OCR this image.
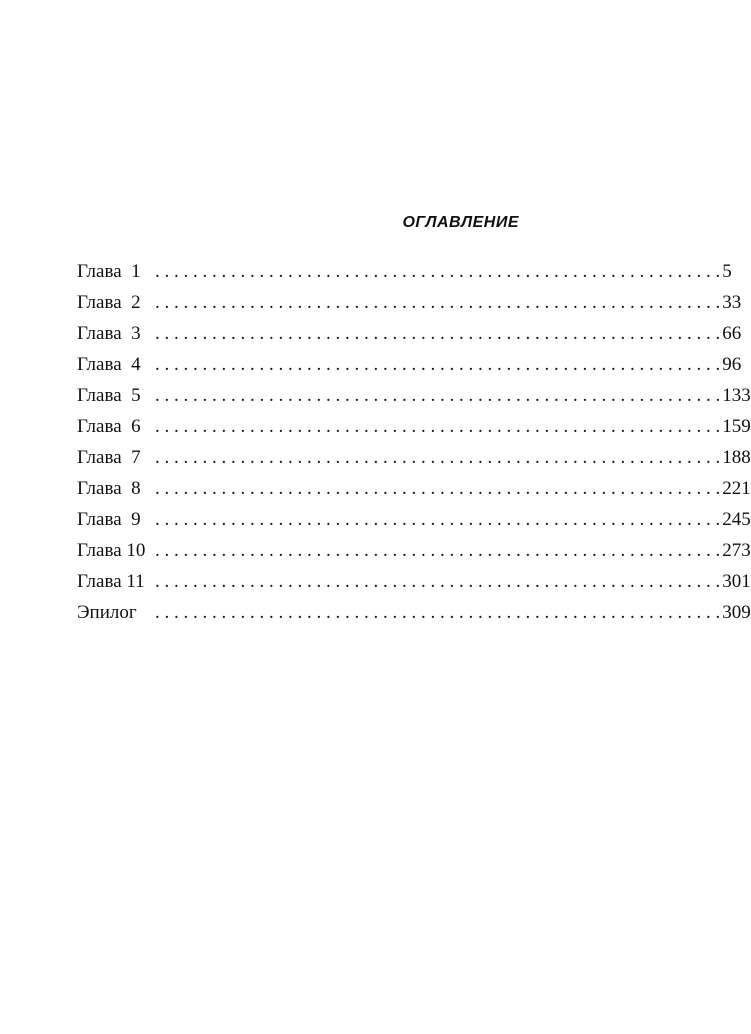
ОГЛАВЛЕНИЕ
Глава  1 . . . . . . . . . . . . . . . . . . . . . . . . . . . . . . . . . . . . . . . . . . . . . . . . . . . . . . . . . . . . 5
Глава  2 . . . . . . . . . . . . . . . . . . . . . . . . . . . . . . . . . . . . . . . . . . . . . . . . . . . . . . . . . . . . 33
Глава  3 . . . . . . . . . . . . . . . . . . . . . . . . . . . . . . . . . . . . . . . . . . . . . . . . . . . . . . . . . . . . 66
Глава  4 . . . . . . . . . . . . . . . . . . . . . . . . . . . . . . . . . . . . . . . . . . . . . . . . . . . . . . . . . . . . 96
Глава  5 . . . . . . . . . . . . . . . . . . . . . . . . . . . . . . . . . . . . . . . . . . . . . . . . . . . . . . . . . . . . 133
Глава  6 . . . . . . . . . . . . . . . . . . . . . . . . . . . . . . . . . . . . . . . . . . . . . . . . . . . . . . . . . . . . 159
Глава  7 . . . . . . . . . . . . . . . . . . . . . . . . . . . . . . . . . . . . . . . . . . . . . . . . . . . . . . . . . . . . 188
Глава  8 . . . . . . . . . . . . . . . . . . . . . . . . . . . . . . . . . . . . . . . . . . . . . . . . . . . . . . . . . . . . 221
Глава  9 . . . . . . . . . . . . . . . . . . . . . . . . . . . . . . . . . . . . . . . . . . . . . . . . . . . . . . . . . . . . 245
Глава 10 . . . . . . . . . . . . . . . . . . . . . . . . . . . . . . . . . . . . . . . . . . . . . . . . . . . . . . . . . . . . 273
Глава 11 . . . . . . . . . . . . . . . . . . . . . . . . . . . . . . . . . . . . . . . . . . . . . . . . . . . . . . . . . . . . 301
Эпилог . . . . . . . . . . . . . . . . . . . . . . . . . . . . . . . . . . . . . . . . . . . . . . . . . . . . . . . . . . . . 309
